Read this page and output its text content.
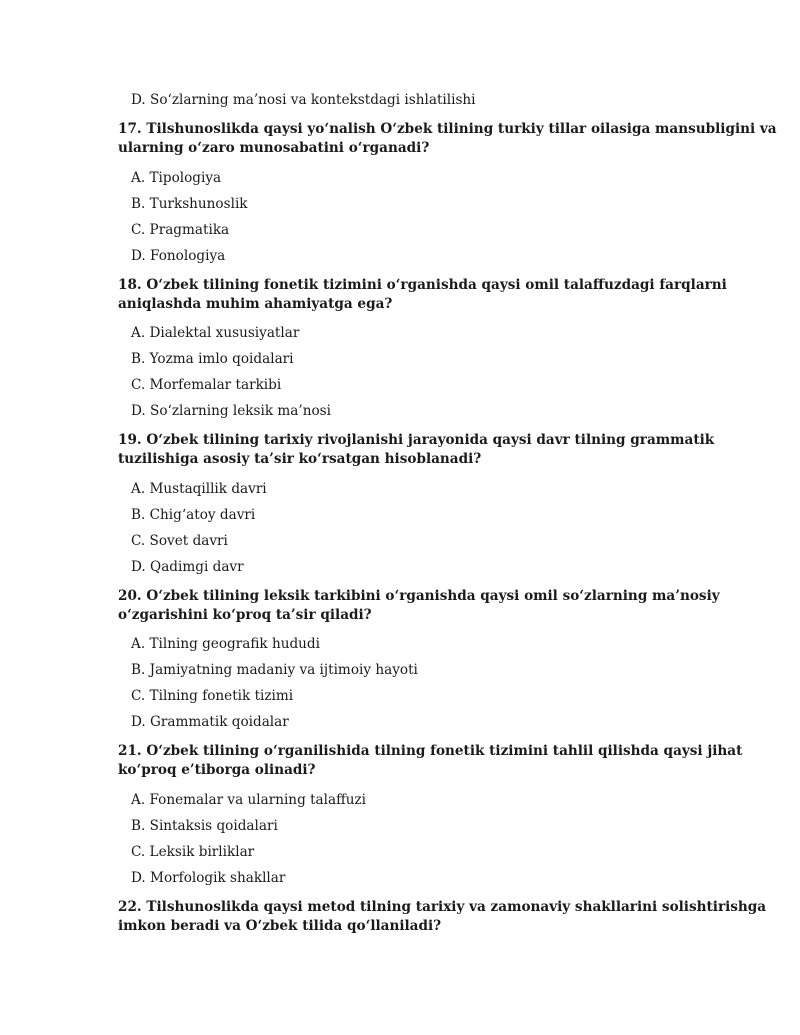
D. So‘zlarning ma’nosi va kontekstdagi ishlatilishi
17. Tilshunoslikda qaysi yo‘nalish O‘zbek tilining turkiy tillar oilasiga mansubligini va
ularning o‘zaro munosabatini o‘rganadi?
A. Tipologiya
B. Turkshunoslik
C. Pragmatika
D. Fonologiya
18. O‘zbek tilining fonetik tizimini o‘rganishda qaysi omil talaffuzdagi farqlarni
aniqlashda muhim ahamiyatga ega?
A. Dialektal xususiyatlar
B. Yozma imlo qoidalari
C. Morfemalar tarkibi
D. So‘zlarning leksik ma’nosi
19. O‘zbek tilining tarixiy rivojlanishi jarayonida qaysi davr tilning grammatik
tuzilishiga asosiy ta’sir ko‘rsatgan hisoblanadi?
A. Mustaqillik davri
B. Chig‘atoy davri
C. Sovet davri
D. Qadimgi davr
20. O‘zbek tilining leksik tarkibini o‘rganishda qaysi omil so‘zlarning ma’nosiy
o‘zgarishini ko‘proq ta’sir qiladi?
A. Tilning geografik hududi
B. Jamiyatning madaniy va ijtimoiy hayoti
C. Tilning fonetik tizimi
D. Grammatik qoidalar
21. O‘zbek tilining o‘rganilishida tilning fonetik tizimini tahlil qilishda qaysi jihat
ko‘proq e’tiborga olinadi?
A. Fonemalar va ularning talaffuzi
B. Sintaksis qoidalari
C. Leksik birliklar
D. Morfologik shakllar
22. Tilshunoslikda qaysi metod tilning tarixiy va zamonaviy shakllarini solishtirishga
imkon beradi va O‘zbek tilida qo‘llaniladi?
